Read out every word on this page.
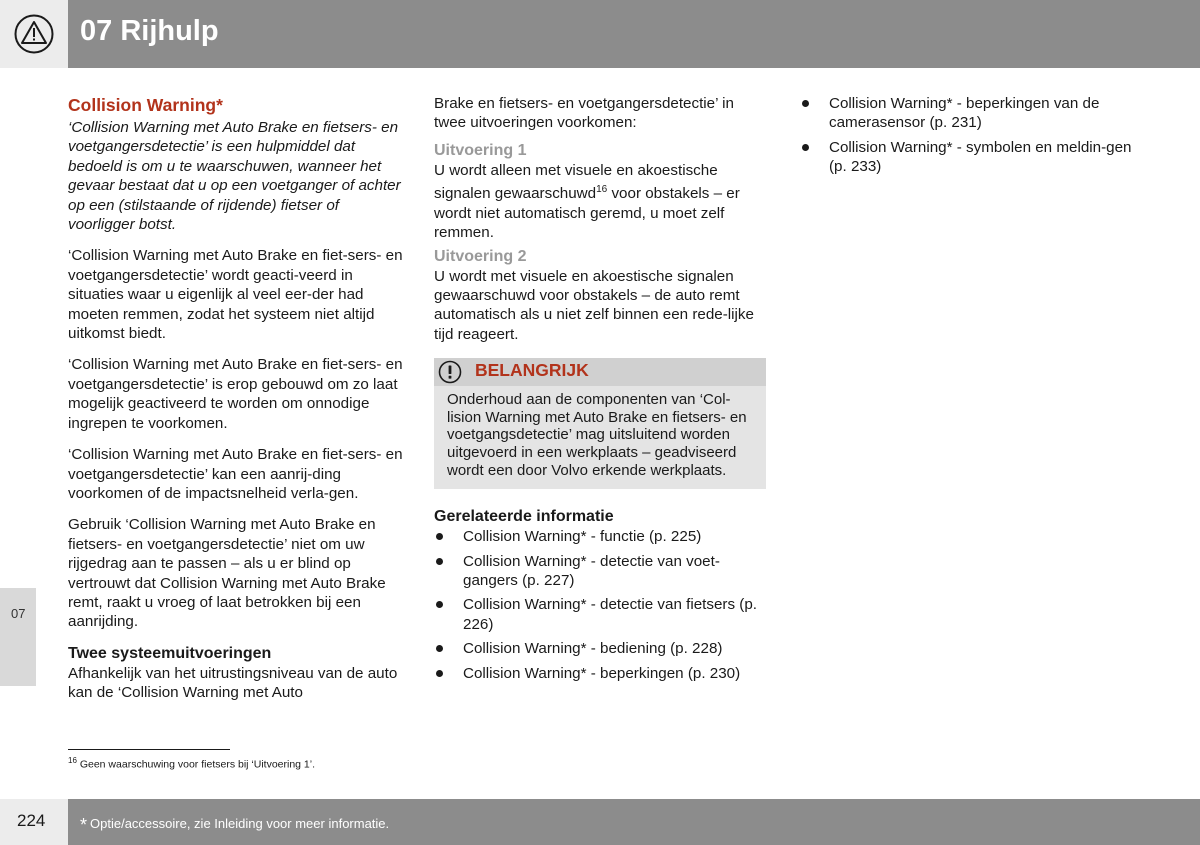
07 Rijhulp
07
Collision Warning*

‘Collision Warning met Auto Brake en fietsers- en voetgangersdetectie’ is een hulpmiddel dat bedoeld is om u te waarschuwen, wanneer het gevaar bestaat dat u op een voetganger of achter op een (stilstaande of rijdende) fietser of voorligger botst.

‘Collision Warning met Auto Brake en fiet-sers- en voetgangersdetectie’ wordt geacti-veerd in situaties waar u eigenlijk al veel eer-der had moeten remmen, zodat het systeem niet altijd uitkomst biedt.

‘Collision Warning met Auto Brake en fiet-sers- en voetgangersdetectie’ is erop gebouwd om zo laat mogelijk geactiveerd te worden om onnodige ingrepen te voorkomen.

‘Collision Warning met Auto Brake en fiet-sers- en voetgangersdetectie’ kan een aanrij-ding voorkomen of de impactsnelheid verla-gen.

Gebruik ‘Collision Warning met Auto Brake en fietsers- en voetgangersdetectie’ niet om uw rijgedrag aan te passen – als u er blind op vertrouwt dat Collision Warning met Auto Brake remt, raakt u vroeg of laat betrokken bij een aanrijding.

Twee systeemuitvoeringen

Afhankelijk van het uitrustingsniveau van de auto kan de ‘Collision Warning met Auto

Brake en fietsers- en voetgangersdetectie’ in twee uitvoeringen voorkomen:

Uitvoering 1

U wordt alleen met visuele en akoestische signalen gewaarschuwd$^{16}$ voor obstakels – er wordt niet automatisch geremd, u moet zelf remmen.

Uitvoering 2

U wordt met visuele en akoestische signalen gewaarschuwd voor obstakels – de auto remt automatisch als u niet zelf binnen een rede-lijke tijd reageert.

BELANGRIJK
Onderhoud aan de componenten van ‘Col-lision Warning met Auto Brake en fietsers- en voetgangsdetectie’ mag uitsluitend worden uitgevoerd in een werkplaats – geadviseerd wordt een door Volvo erkende werkplaats.
Gerelateerde informatie
Collision Warning* - functie (p. 225)
Collision Warning* - detectie van voet-gangers (p. 227)
Collision Warning* - detectie van fietsers (p. 226)
Collision Warning* - bediening (p. 228)
Collision Warning* - beperkingen (p. 230)
Collision Warning* - beperkingen van de camerasensor (p. 231)
Collision Warning* - symbolen en meldin-gen (p. 233)
$^{16}$ Geen waarschuwing voor fietsers bij ‘Uitvoering 1’.
224 * Optie/accessoire, zie Inleiding voor meer informatie.
